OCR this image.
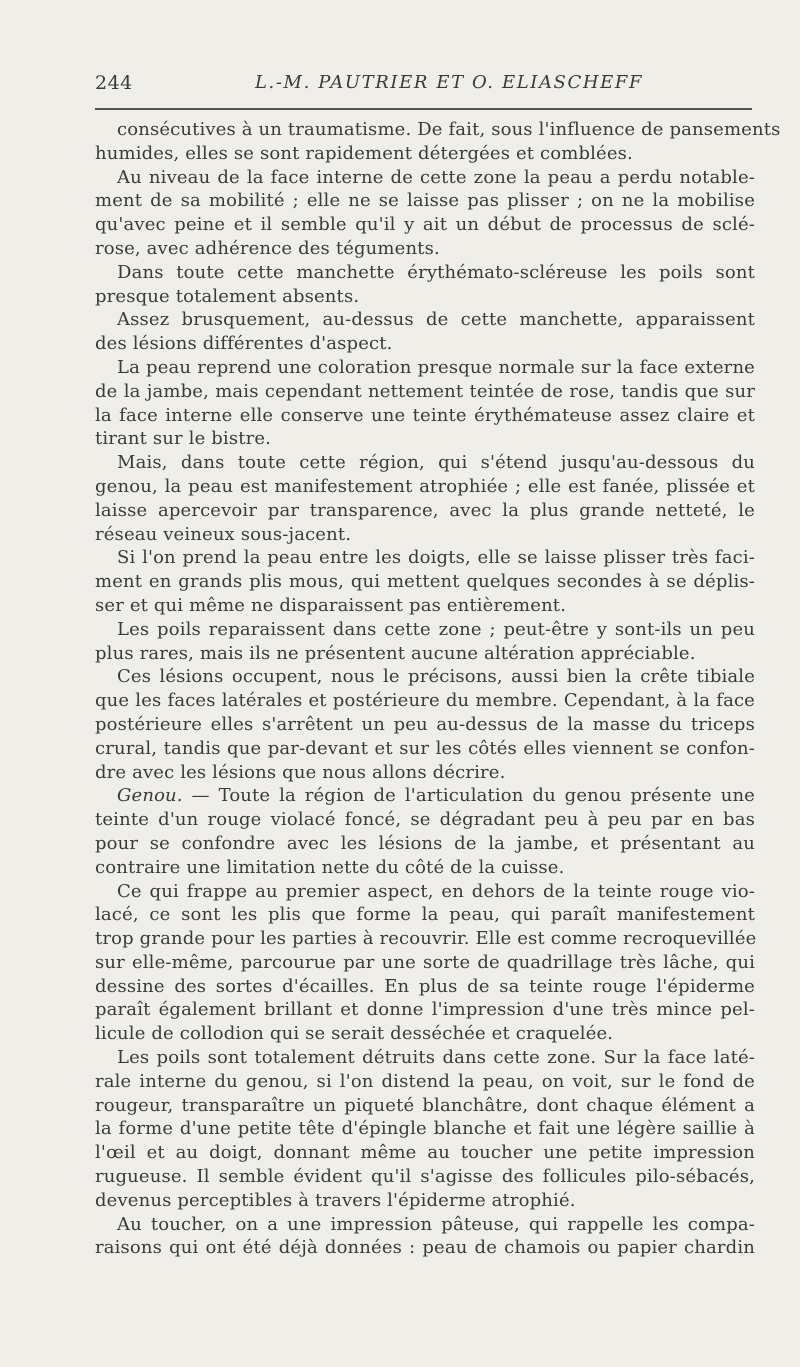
244	L.-M. PAUTRIER ET O. ELIASCHEFF
consécutives à un traumatisme. De fait, sous l'influence de pansements
humides, elles se sont rapidement détergées et comblées.
Au niveau de la face interne de cette zone la peau a perdu notable-
ment de sa mobilité ; elle ne se laisse pas plisser ; on ne la mobilise
qu'avec peine et il semble qu'il y ait un début de processus de sclé-
rose, avec adhérence des téguments.
Dans toute cette manchette érythémato-scléreuse les poils sont
presque totalement absents.
Assez brusquement, au-dessus de cette manchette, apparaissent
des lésions différentes d'aspect.
La peau reprend une coloration presque normale sur la face externe
de la jambe, mais cependant nettement teintée de rose, tandis que sur
la face interne elle conserve une teinte érythémateuse assez claire et
tirant sur le bistre.
Mais, dans toute cette région, qui s'étend jusqu'au-dessous du
genou, la peau est manifestement atrophiée ; elle est fanée, plissée et
laisse apercevoir par transparence, avec la plus grande netteté, le
réseau veineux sous-jacent.
Si l'on prend la peau entre les doigts, elle se laisse plisser très faci-
ment en grands plis mous, qui mettent quelques secondes à se déplis-
ser et qui même ne disparaissent pas entièrement.
Les poils reparaissent dans cette zone ; peut-être y sont-ils un peu
plus rares, mais ils ne présentent aucune altération appréciable.
Ces lésions occupent, nous le précisons, aussi bien la crête tibiale
que les faces latérales et postérieure du membre. Cependant, à la face
postérieure elles s'arrêtent un peu au-dessus de la masse du triceps
crural, tandis que par-devant et sur les côtés elles viennent se confon-
dre avec les lésions que nous allons décrire.
Genou. — Toute la région de l'articulation du genou présente une
teinte d'un rouge violacé foncé, se dégradant peu à peu par en bas
pour se confondre avec les lésions de la jambe, et présentant au
contraire une limitation nette du côté de la cuisse.
Ce qui frappe au premier aspect, en dehors de la teinte rouge vio-
lacé, ce sont les plis que forme la peau, qui paraît manifestement
trop grande pour les parties à recouvrir. Elle est comme recroquevillée
sur elle-même, parcourue par une sorte de quadrillage très lâche, qui
dessine des sortes d'écailles. En plus de sa teinte rouge l'épiderme
paraît également brillant et donne l'impression d'une très mince pel-
licule de collodion qui se serait desséchée et craquelée.
Les poils sont totalement détruits dans cette zone. Sur la face laté-
rale interne du genou, si l'on distend la peau, on voit, sur le fond de
rougeur, transparaître un piqueté blanchâtre, dont chaque élément a
la forme d'une petite tête d'épingle blanche et fait une légère saillie à
l'œil et au doigt, donnant même au toucher une petite impression
rugueuse. Il semble évident qu'il s'agisse des follicules pilo-sébacés,
devenus perceptibles à travers l'épiderme atrophié.
Au toucher, on a une impression pâteuse, qui rappelle les compa-
raisons qui ont été déjà données : peau de chamois ou papier chardin
